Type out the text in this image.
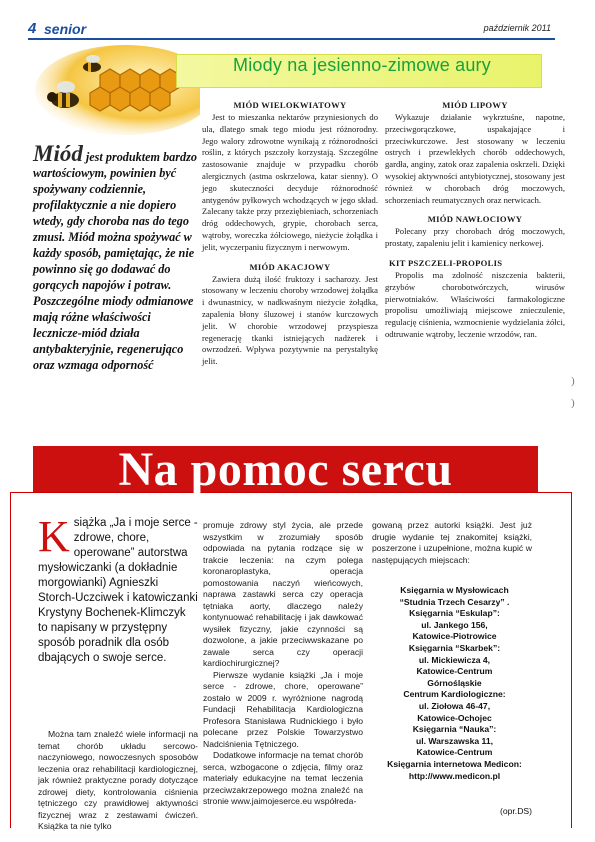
4 senior	październik 2011
Miody na jesienno-zimowe aury
Miód jest produktem bardzo wartościowym, powinien być spożywany codziennie, profilaktycznie a nie dopiero wtedy, gdy choroba nas do tego zmusi. Miód można spożywać w każdy sposób, pamiętając, że nie powinno się go dodawać do gorących napojów i potraw. Poszczególne miody odmianowe mają różne właściwości lecznicze-miód działa antybakteryjnie, regenerująco oraz wzmaga odporność
MIÓD WIELOKWIATOWY

Jest to mieszanka nektarów przyniesionych do ula, dlatego smak tego miodu jest różnorodny. Jego walory zdrowotne wynikają z różnorodności roślin, z których pszczoły korzystają. Szczególne zastosowanie znajduje w przypadku chorób alergicznych (astma oskrzelowa, katar sienny). O jego skuteczności decyduje różnorodność antygenów pyłkowych wchodzących w jego skład. Zalecany także przy przeziębieniach, schorzeniach dróg oddechowych, grypie, chorobach serca, wątroby, woreczka żółciowego, nieżycie żołądka i jelit, wyczerpaniu fizycznym i nerwowym.

MIÓD AKACJOWY

Zawiera dużą ilość fruktozy i sacharozy. Jest stosowany w leczeniu choroby wrzodowej żołądka i dwunastnicy, w nadkwaśnym nieżycie żołądka, zapalenia błony śluzowej i stanów kurczowych jelit. W chorobie wrzodowej przyspiesza regenerację tkanki istniejących nadżerek i owrzodzeń. Wpływa pozytywnie na perystaltykę jelit.

MIÓD LIPOWY

Wykazuje działanie wykrztuśne, napotne, przeciwgorączkowe, uspakajające i przeciwkurczowe. Jest stosowany w leczeniu ostrych i przewlekłych chorób oddechowych, gardła, anginy, zatok oraz zapalenia oskrzeli. Dzięki wysokiej aktywności antybiotycznej, stosowany jest również w chorobach dróg moczowych, schorzeniach reumatycznych oraz nerwicach.

MIÓD NAWŁOCIOWY

Polecany przy chorobach dróg moczowych, prostaty, zapaleniu jelit i kamienicy nerkowej.

KIT PSZCZELI-PROPOLIS

Propolis ma zdolność niszczenia bakterii, grzybów chorobotwórczych, wirusów pierwotniaków. Właściwości farmakologiczne propolisu umożliwiają miejscowe znieczulenie, regulację ciśnienia, wzmocnienie wydzielania żółci, odtruwanie wątroby, leczenie wrzodów, ran.

)
)
Na pomoc sercu
K siążka „Ja i moje serce - zdrowe, chore, operowane” autorstwa mysłowiczanki (a dokładnie morgowianki) Agnieszki Storch-Uczciwek i katowiczanki Krystyny Bochenek-Klimczyk to napisany w przystępny sposób poradnik dla osób dbających o swoje serce.

Można tam znaleźć wiele informacji na temat chorób układu sercowo-naczyniowego, nowoczesnych sposobów leczenia oraz rehabilitacji kardiologicznej, jak również praktyczne porady dotyczące zdrowej diety, kontrolowania ciśnienia tętniczego czy prawidłowej aktywności fizycznej wraz z zestawami ćwiczeń. Książka ta nie tylko

promuje zdrowy styl życia, ale przede wszystkim w zrozumiały sposób odpowiada na pytania rodzące się w trakcie leczenia: na czym polega koronaroplastyka, operacja pomostowania naczyń wieńcowych, naprawa zastawki serca czy operacja tętniaka aorty, dlaczego należy kontynuować rehabilitację i jak dawkować wysiłek fizyczny, jakie czynności są dozwolone, a jakie przeciwwskazane po zawale serca czy operacji kardiochirurgicznej?

Pierwsze wydanie książki „Ja i moje serce - zdrowe, chore, operowane” zostało w 2009 r. wyróżnione nagrodą Fundacji Rehabilitacja Kardiologiczna Profesora Stanisława Rudnickiego i było polecane przez Polskie Towarzystwo Nadciśnienia Tętniczego.

Dodatkowe informacje na temat chorób serca, wzbogacone o zdjęcia, filmy oraz materiały edukacyjne na temat leczenia przeciwzakrzepowego można znaleźć na stronie www.jaimojeserce.eu współreda-

gowaną przez autorki książki. Jest już drugie wydanie tej znakomitej książki, poszerzone i uzupełnione, można kupić w następujących miejscach:

Księgarnia w Mysłowicach
“Studnia Trzech Cesarzy” .
Księgarnia “Eskulap”:
ul. Jankego 156,
Katowice-Piotrowice
Księgarnia “Skarbek”:
ul. Mickiewicza 4,
Katowice-Centrum
Górnośląskie
Centrum Kardiologiczne:
ul. Ziołowa 46-47,
Katowice-Ochojec
Księgarnia “Nauka”:
ul. Warszawska 11,
Katowice-Centrum
Księgarnia internetowa Medicon:
http://www.medicon.pl
(opr.DS)
